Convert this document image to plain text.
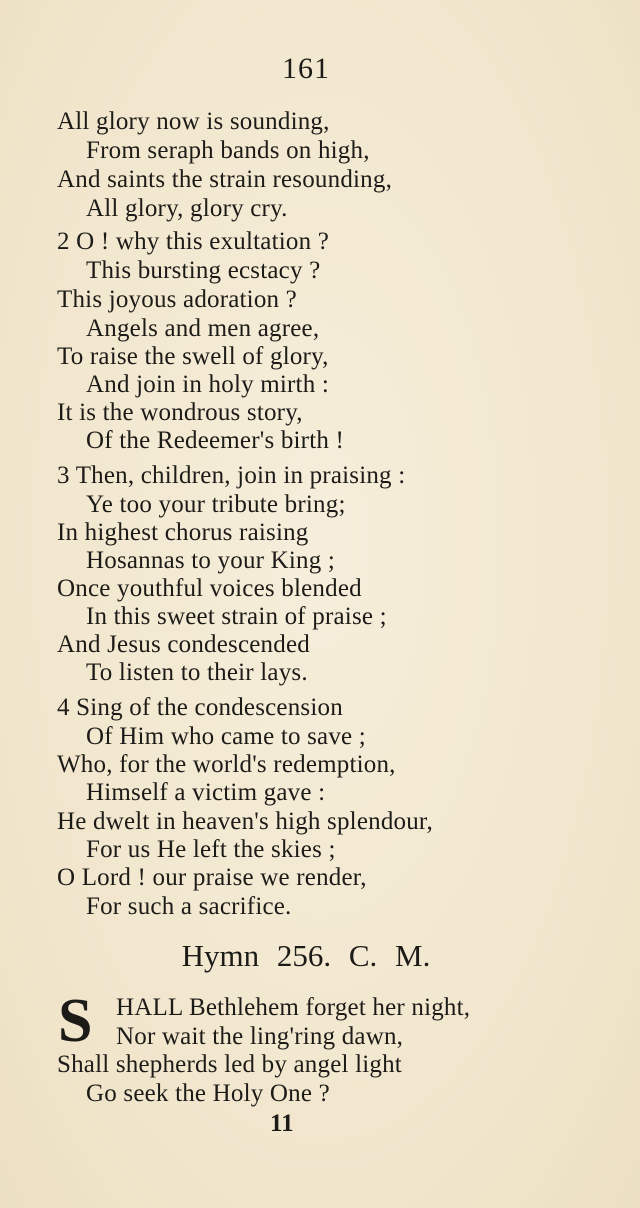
161
All glory now is sounding,
From seraph bands on high,
And saints the strain resounding,
All glory, glory cry.
2 O ! why this exultation ?
This bursting ecstacy ?
This joyous adoration ?
Angels and men agree,
To raise the swell of glory,
And join in holy mirth :
It is the wondrous story,
Of the Redeemer's birth !
3 Then, children, join in praising :
Ye too your tribute bring;
In highest chorus raising
Hosannas to your King ;
Once youthful voices blended
In this sweet strain of praise ;
And Jesus condescended
To listen to their lays.
4 Sing of the condescension
Of Him who came to save ;
Who, for the world's redemption,
Himself a victim gave :
He dwelt in heaven's high splendour,
For us He left the skies ;
O Lord ! our praise we render,
For such a sacrifice.
Hymn 256. C. M.
S HALL Bethlehem forget her night,
Nor wait the ling'ring dawn,
Shall shepherds led by angel light
Go seek the Holy One ?
11
